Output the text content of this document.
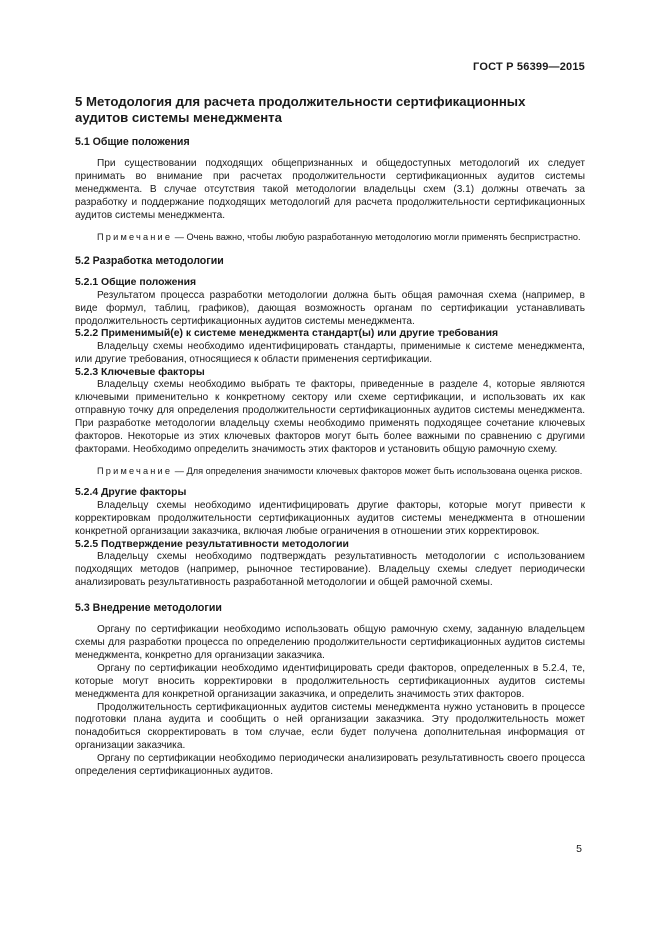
ГОСТ Р 56399—2015
5 Методология для расчета продолжительности сертификационных аудитов системы менеджмента
5.1 Общие положения

При существовании подходящих общепризнанных и общедоступных методологий их следует принимать во внимание при расчетах продолжительности сертификационных аудитов системы менеджмента. В случае отсутствия такой методологии владельцы схем (3.1) должны отвечать за разработку и поддержание подходящих методологий для расчета продолжительности сертификационных аудитов системы менеджмента.

Примечание — Очень важно, чтобы любую разработанную методологию могли применять беспристрастно.

5.2 Разработка методологии
5.2.1 Общие положения

Результатом процесса разработки методологии должна быть общая рамочная схема (например, в виде формул, таблиц, графиков), дающая возможность органам по сертификации устанавливать продолжительность сертификационных аудитов системы менеджмента.

5.2.2 Применимый(е) к системе менеджмента стандарт(ы) или другие требования

Владельцу схемы необходимо идентифицировать стандарты, применимые к системе менеджмента, или другие требования, относящиеся к области применения сертификации.

5.2.3 Ключевые факторы

Владельцу схемы необходимо выбрать те факторы, приведенные в разделе 4, которые являются ключевыми применительно к конкретному сектору или схеме сертификации, и использовать их как отправную точку для определения продолжительности сертификационных аудитов системы менеджмента. При разработке методологии владельцу схемы необходимо применять подходящее сочетание ключевых факторов. Некоторые из этих ключевых факторов могут быть более важными по сравнению с другими факторами. Необходимо определить значимость этих факторов и установить общую рамочную схему.

Примечание — Для определения значимости ключевых факторов может быть использована оценка рисков.

5.2.4 Другие факторы

Владельцу схемы необходимо идентифицировать другие факторы, которые могут привести к корректировкам продолжительности сертификационных аудитов системы менеджмента в отношении конкретной организации заказчика, включая любые ограничения в отношении этих корректировок.

5.2.5 Подтверждение результативности методологии

Владельцу схемы необходимо подтверждать результативность методологии с использованием подходящих методов (например, рыночное тестирование). Владельцу схемы следует периодически анализировать результативность разработанной методологии и общей рамочной схемы.

5.3 Внедрение методологии

Органу по сертификации необходимо использовать общую рамочную схему, заданную владельцем схемы для разработки процесса по определению продолжительности сертификационных аудитов системы менеджмента, конкретно для организации заказчика.

Органу по сертификации необходимо идентифицировать среди факторов, определенных в 5.2.4, те, которые могут вносить корректировки в продолжительность сертификационных аудитов системы менеджмента для конкретной организации заказчика, и определить значимость этих факторов.

Продолжительность сертификационных аудитов системы менеджмента нужно установить в процессе подготовки плана аудита и сообщить о ней организации заказчика. Эту продолжительность может понадобиться скорректировать в том случае, если будет получена дополнительная информация от организации заказчика.

Органу по сертификации необходимо периодически анализировать результативность своего процесса определения сертификационных аудитов.

5
